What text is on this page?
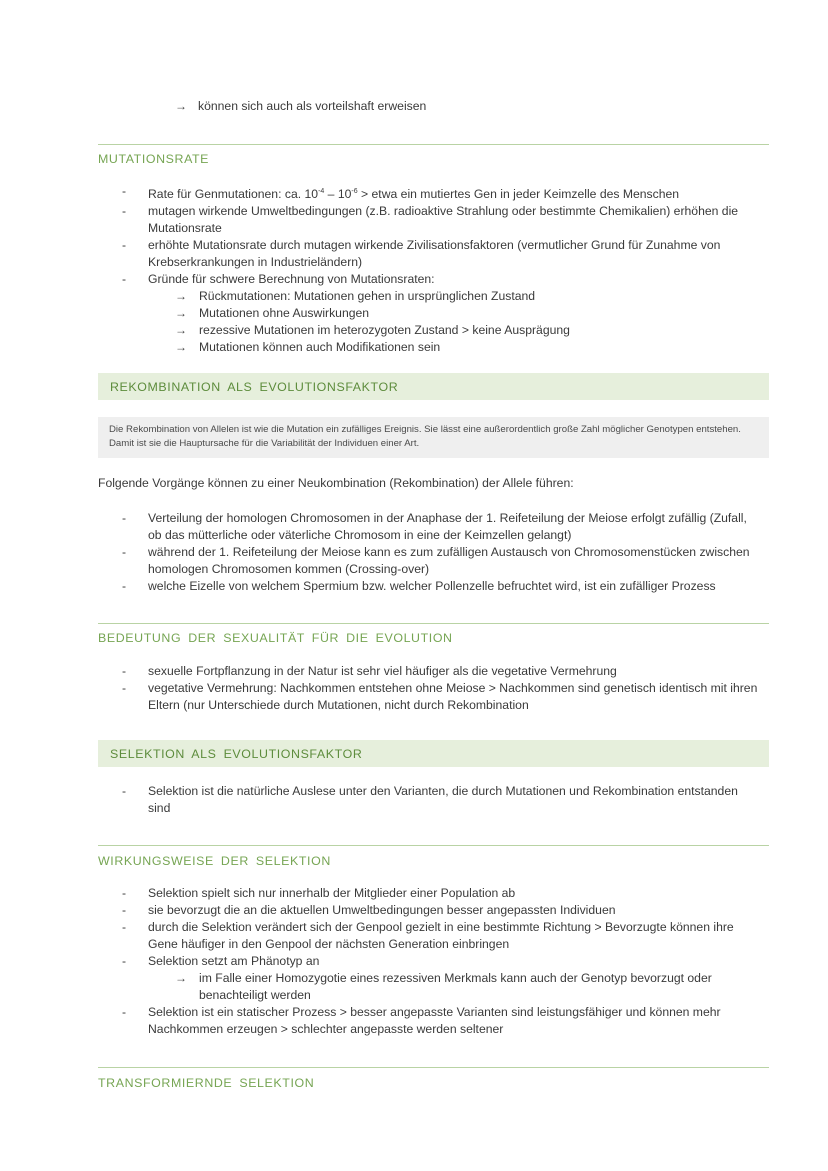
→ können sich auch als vorteilshaft erweisen
MUTATIONSRATE
- Rate für Genmutationen: ca. $10^{-4} - 10^{-6}$ > etwa ein mutiertes Gen in jeder Keimzelle des Menschen
- mutagen wirkende Umweltbedingungen (z.B. radioaktive Strahlung oder bestimmte Chemikalien) erhöhen die Mutationsrate
- erhöhte Mutationsrate durch mutagen wirkende Zivilisationsfaktoren (vermutlicher Grund für Zunahme von Krebserkrankungen in Industrieländern)
- Gründe für schwere Berechnung von Mutationsraten:
→ Rückmutationen: Mutationen gehen in ursprünglichen Zustand
→ Mutationen ohne Auswirkungen
→ rezessive Mutationen im heterozygoten Zustand > keine Ausprägung
→ Mutationen können auch Modifikationen sein
REKOMBINATION ALS EVOLUTIONSFAKTOR

Die Rekombination von Allelen ist wie die Mutation ein zufälliges Ereignis. Sie lässt eine außerordentlich große Zahl möglicher Genotypen entstehen. Damit ist sie die Hauptursache für die Variabilität der Individuen einer Art.

Folgende Vorgänge können zu einer Neukombination (Rekombination) der Allele führen:
- Verteilung der homologen Chromosomen in der Anaphase der 1. Reifeteilung der Meiose erfolgt zufällig (Zufall, ob das mütterliche oder väterliche Chromosom in eine der Keimzellen gelangt)
- während der 1. Reifeteilung der Meiose kann es zum zufälligen Austausch von Chromosomenstücken zwischen homologen Chromosomen kommen (Crossing-over)
- welche Eizelle von welchem Spermium bzw. welcher Pollenzelle befruchtet wird, ist ein zufälliger Prozess
BEDEUTUNG DER SEXUALITÄT FÜR DIE EVOLUTION
- sexuelle Fortpflanzung in der Natur ist sehr viel häufiger als die vegetative Vermehrung
- vegetative Vermehrung: Nachkommen entstehen ohne Meiose > Nachkommen sind genetisch identisch mit ihren Eltern (nur Unterschiede durch Mutationen, nicht durch Rekombination
SELEKTION ALS EVOLUTIONSFAKTOR
- Selektion ist die natürliche Auslese unter den Varianten, die durch Mutationen und Rekombination entstanden sind
WIRKUNGSWEISE DER SELEKTION
- Selektion spielt sich nur innerhalb der Mitglieder einer Population ab
- sie bevorzugt die an die aktuellen Umweltbedingungen besser angepassten Individuen
- durch die Selektion verändert sich der Genpool gezielt in eine bestimmte Richtung > Bevorzugte können ihre Gene häufiger in den Genpool der nächsten Generation einbringen
- Selektion setzt am Phänotyp an
→ im Falle einer Homozygotie eines rezessiven Merkmals kann auch der Genotyp bevorzugt oder benachteiligt werden
- Selektion ist ein statischer Prozess > besser angepasste Varianten sind leistungsfähiger und können mehr Nachkommen erzeugen > schlechter angepasste werden seltener
TRANSFORMIERNDE SELEKTION
